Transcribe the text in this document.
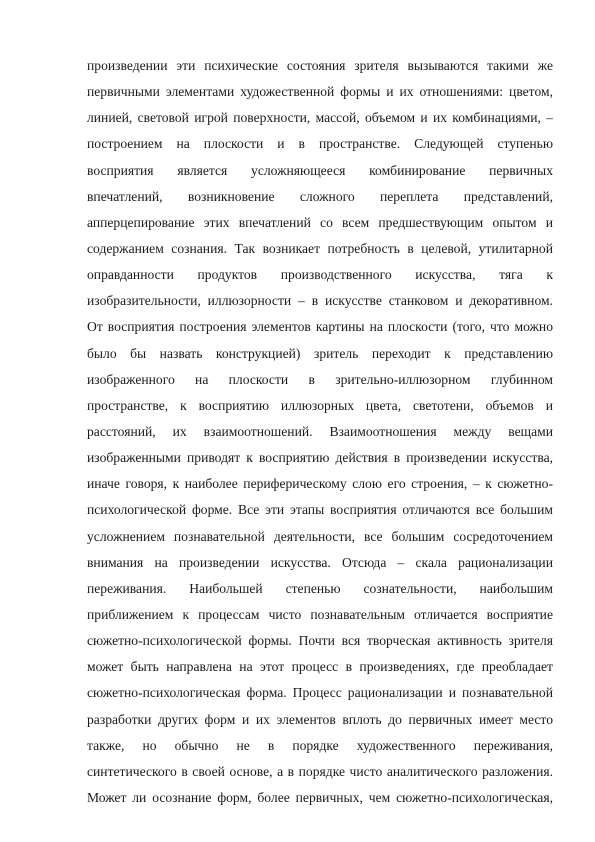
произведении эти психические состояния зрителя вызываются такими же
первичными элементами художественной формы и их отношениями: цветом,
линией, световой игрой поверхности, массой, объемом и их комбинациями, –
построением на плоскости и в пространстве. Следующей ступенью
восприятия является усложняющееся комбинирование первичных
впечатлений, возникновение сложного переплета представлений,
апперцепирование этих впечатлений со всем предшествующим опытом и
содержанием сознания. Так возникает потребность в целевой, утилитарной
оправданности продуктов производственного искусства, тяга к
изобразительности, иллюзорности – в искусстве станковом и декоративном.
От восприятия построения элементов картины на плоскости (того, что можно
было бы назвать конструкцией) зритель переходит к представлению
изображенного на плоскости в зрительно-иллюзорном глубинном
пространстве, к восприятию иллюзорных цвета, светотени, объемов и
расстояний, их взаимоотношений. Взаимоотношения между вещами
изображенными приводят к восприятию действия в произведении искусства,
иначе говоря, к наиболее периферическому слою его строения, – к сюжетно-
психологической форме. Все эти этапы восприятия отличаются все большим
усложнением познавательной деятельности, все большим сосредоточением
внимания на произведении искусства. Отсюда – скала рационализации
переживания. Наибольшей степенью сознательности, наибольшим
приближением к процессам чисто познавательным отличается восприятие
сюжетно-психологической формы. Почти вся творческая активность зрителя
может быть направлена на этот процесс в произведениях, где преобладает
сюжетно-психологическая форма. Процесс рационализации и познавательной
разработки других форм и их элементов вплоть до первичных имеет место
также, но обычно не в порядке художественного переживания,
синтетического в своей основе, а в порядке чисто аналитического разложения.
Может ли осознание форм, более первичных, чем сюжетно-психологическая,
